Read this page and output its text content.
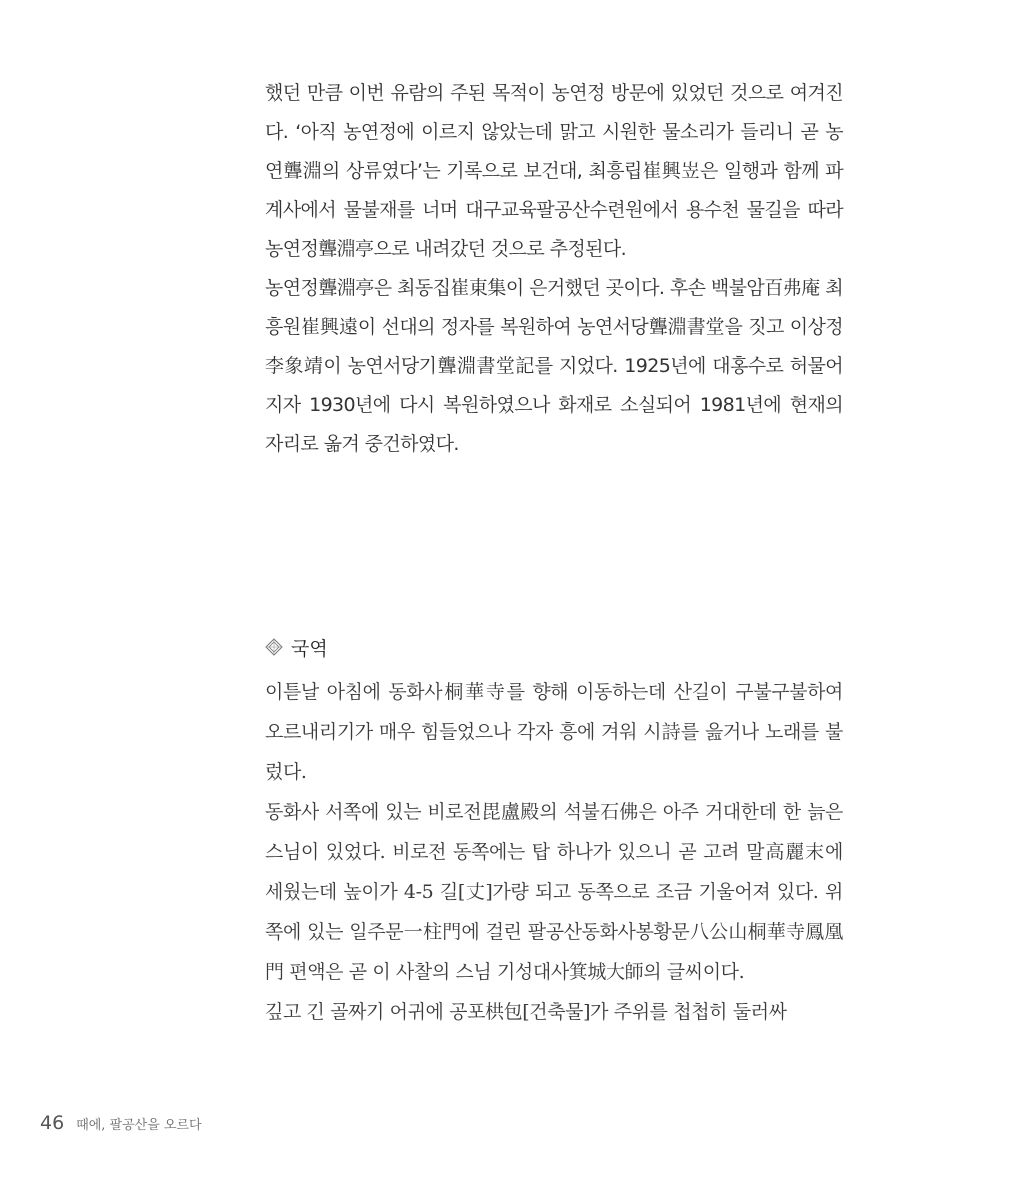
했던 만큼 이번 유람의 주된 목적이 농연정 방문에 있었던 것으로 여겨진다. ‘아직 농연정에 이르지 않았는데 맑고 시원한 물소리가 들리니 곧 농연聾淵의 상류였다’는 기록으로 보건대, 최흥립崔興岦은 일행과 함께 파계사에서 물불재를 너머 대구교육팔공산수련원에서 용수천 물길을 따라 농연정聾淵亭으로 내려갔던 것으로 추정된다.

농연정聾淵亭은 최동집崔東集이 은거했던 곳이다. 후손 백불암百弗庵 최흥원崔興遠이 선대의 정자를 복원하여 농연서당聾淵書堂을 짓고 이상정李象靖이 농연서당기聾淵書堂記를 지었다. 1925년에 대홍수로 허물어지자 1930년에 다시 복원하였으나 화재로 소실되어 1981년에 현재의 자리로 옮겨 중건하였다.

국역

이튿날 아침에 동화사桐華寺를 향해 이동하는데 산길이 구불구불하여 오르내리기가 매우 힘들었으나 각자 흥에 겨워 시詩를 읊거나 노래를 불렀다.

동화사 서쪽에 있는 비로전毘盧殿의 석불石佛은 아주 거대한데 한 늙은 스님이 있었다. 비로전 동쪽에는 탑 하나가 있으니 곧 고려 말高麗末에 세웠는데 높이가 4-5 길[丈]가량 되고 동쪽으로 조금 기울어져 있다. 위쪽에 있는 일주문一柱門에 걸린 팔공산동화사봉황문八公山桐華寺鳳凰門 편액은 곧 이 사찰의 스님 기성대사箕城大師의 글씨이다.

깊고 긴 골짜기 어귀에 공포栱包[건축물]가 주위를 첩첩히 둘러싸

46 때에, 팔공산을 오르다
